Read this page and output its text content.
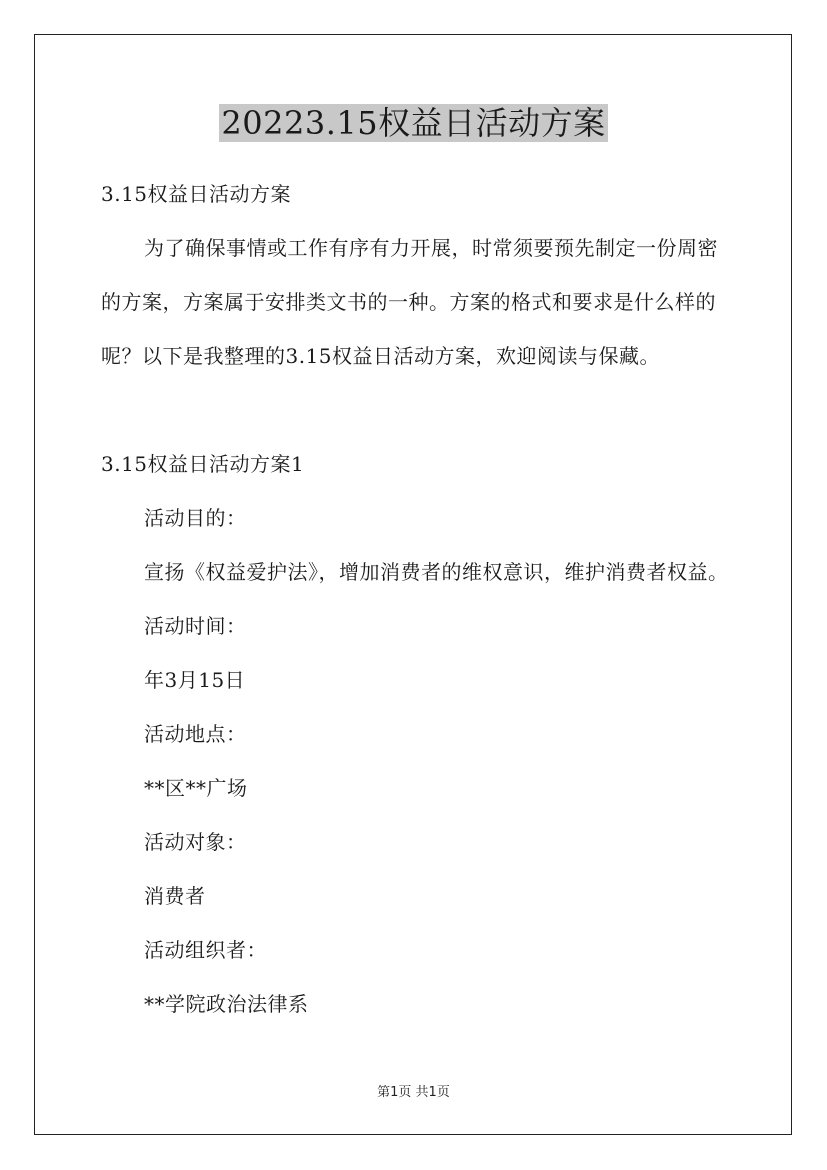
20223.15权益日活动方案

3.15权益日活动方案

为了确保事情或工作有序有力开展，时常须要预先制定一份周密

的方案，方案属于安排类文书的一种。方案的格式和要求是什么样的

呢？以下是我整理的3.15权益日活动方案，欢迎阅读与保藏。

3.15权益日活动方案1

活动目的：

宣扬《权益爱护法》，增加消费者的维权意识，维护消费者权益。

活动时间：

年3月15日

活动地点：

**区**广场

活动对象：

消费者

活动组织者：

**学院政治法律系

第1页 共1页
